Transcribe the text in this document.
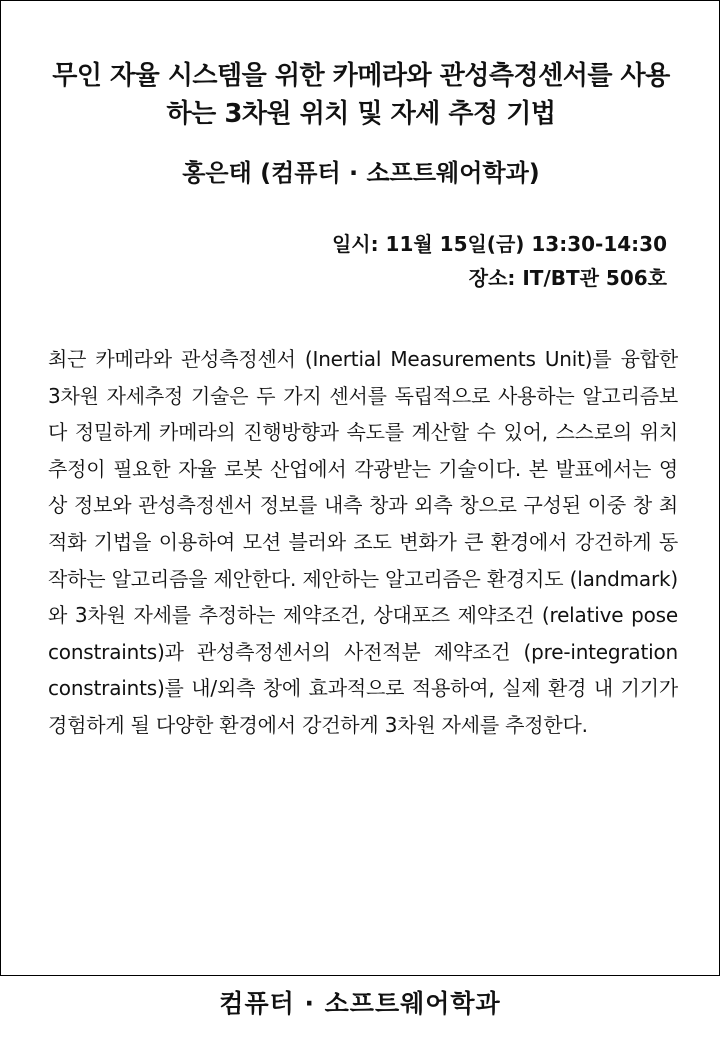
무인 자율 시스템을 위한 카메라와 관성측정센서를 사용
하는 3차원 위치 및 자세 추정 기법
홍은태 (컴퓨터 · 소프트웨어학과)
일시: 11월 15일(금) 13:30-14:30
장소: IT/BT관 506호

최근 카메라와 관성측정센서 (Inertial Measurements Unit)를 융합한 3차원 자세추정 기술은 두 가지 센서를 독립적으로 사용하는 알고리즘보다 정밀하게 카메라의 진행방향과 속도를 계산할 수 있어, 스스로의 위치 추정이 필요한 자율 로봇 산업에서 각광받는 기술이다. 본 발표에서는 영상 정보와 관성측정센서 정보를 내측 창과 외측 창으로 구성된 이중 창 최적화 기법을 이용하여 모션 블러와 조도 변화가 큰 환경에서 강건하게 동작하는 알고리즘을 제안한다. 제안하는 알고리즘은 환경지도 (landmark)와 3차원 자세를 추정하는 제약조건, 상대포즈 제약조건 (relative pose constraints)과 관성측정센서의 사전적분 제약조건 (pre-integration constraints)를 내/외측 창에 효과적으로 적용하여, 실제 환경 내 기기가 경험하게 될 다양한 환경에서 강건하게 3차원 자세를 추정한다.

컴퓨터 · 소프트웨어학과
